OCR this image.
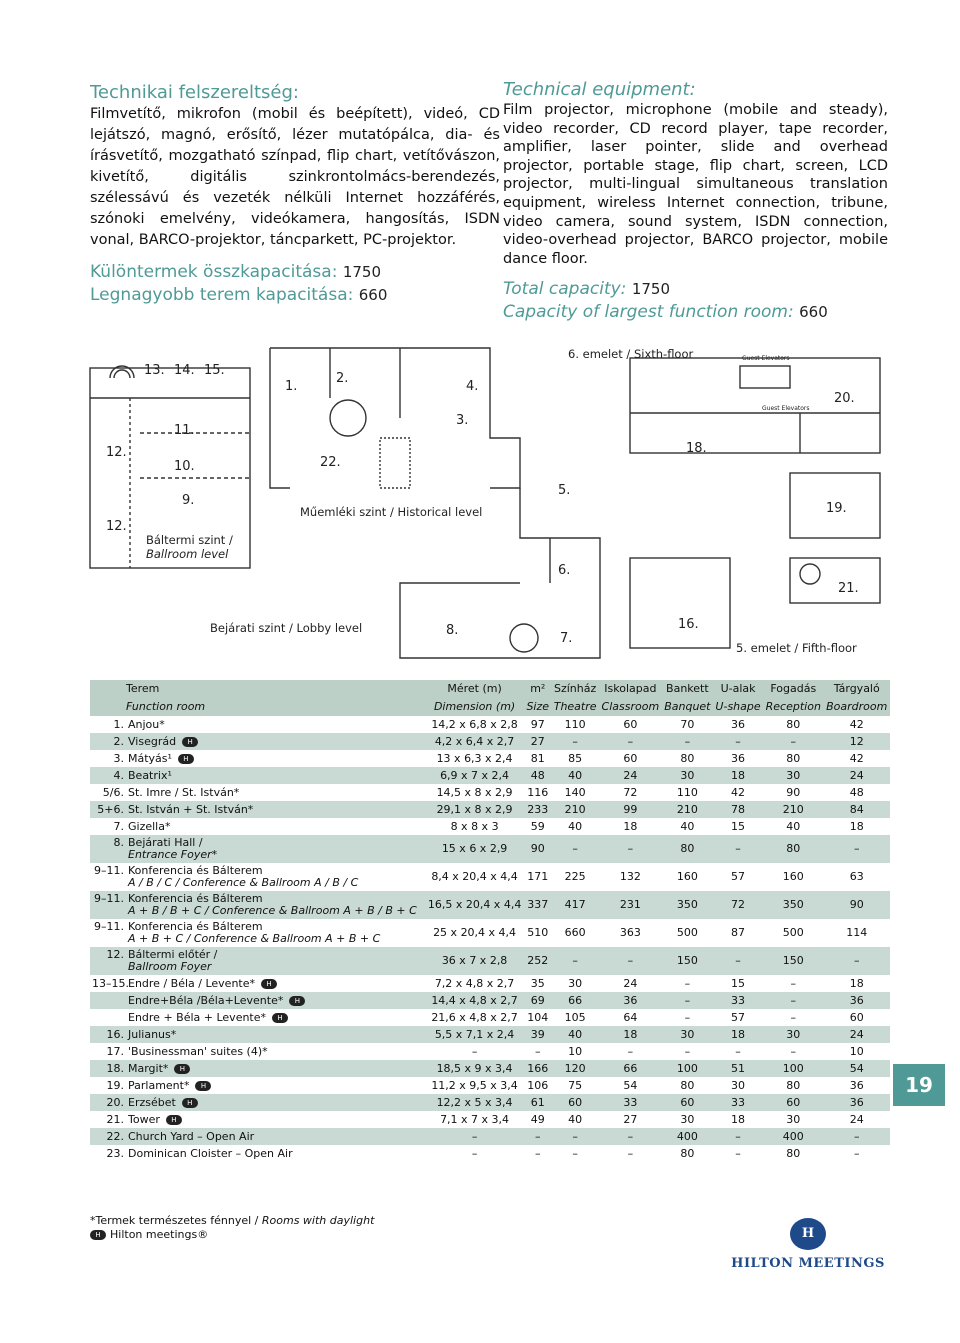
Technikai felszereltség:
Filmvetítő, mikrofon (mobil és beépített), videó, CD lejátszó, magnó, erősítő, lézer mutatópálca, dia- és írásvetítő, mozgatható színpad, flip chart, vetítővászon, kivetítő, digitális szinkrontolmács-berendezés, szélessávú és vezeték nélküli Internet hozzáférés, szónoki emelvény, videókamera, hangosítás, ISDN vonal, BARCO-projektor, táncparkett, PC-projektor.
Különtermek összkapacitása: 1750
Legnagyobb terem kapacitása: 660
Technical equipment:
Film projector, microphone (mobile and steady), video recorder, CD record player, tape recorder, amplifier, laser pointer, slide and overhead projector, portable stage, flip chart, screen, LCD projector, multi-lingual simultaneous translation equipment, wireless Internet connection, tribune, video camera, sound system, ISDN connection, video-overhead projector, BARCO projector, mobile dance floor.
Total capacity: 1750
Capacity of largest function room: 660
13. 14. 15.
11.
10.
9.
12.
12.
Báltermi szint /
Ballroom level
1.
2.
4.
3.
22.
Műemléki szint / Historical level
5.
6.
7.
8.
Bejárati szint / Lobby level
6. emelet / Sixth-floor	Guest Elevators
Guest Elevators
18.
20.
19.
21.
16.
5. emelet / Fifth-floor
Terem	Méret (m)	m²	Színház	Iskolapad	Bankett	U-alak	Fogadás	Tárgyaló
Function room	Dimension (m)	Size	Theatre	Classroom	Banquet	U-shape	Reception	Boardroom
1. Anjou*	14,2 x 6,8 x 2,8	97	110	60	70	36	80	42
2. Visegrád H	4,2 x 6,4 x 2,7	27	–	–	–	–	–	12
3. Mátyás¹ H	13 x 6,3 x 2,4	81	85	60	80	36	80	42
4. Beatrix¹	6,9 x 7 x 2,4	48	40	24	30	18	30	24
5/6. St. Imre / St. István*	14,5 x 8 x 2,9	116	140	72	110	42	90	48
5+6. St. István + St. István*	29,1 x 8 x 2,9	233	210	99	210	78	210	84
7. Gizella*	8 x 8 x 3	59	40	18	40	15	40	18
8. Bejárati Hall /
Entrance Foyer*	15 x 6 x 2,9	90	–	–	80	–	80	–
9–11. Konferencia és Bálterem
A / B / C / Conference & Ballroom A / B / C	8,4 x 20,4 x 4,4	171	225	132	160	57	160	63
9–11. Konferencia és Bálterem
A + B / B + C / Conference & Ballroom A + B / B + C	16,5 x 20,4 x 4,4	337	417	231	350	72	350	90
9–11. Konferencia és Bálterem
A + B + C / Conference & Ballroom A + B + C	25 x 20,4 x 4,4	510	660	363	500	87	500	114
12. Báltermi előtér /
Ballroom Foyer	36 x 7 x 2,8	252	–	–	150	–	150	–
13–15.Endre / Béla / Levente* H	7,2 x 4,8 x 2,7	35	30	24	–	15	–	18
Endre+Béla /Béla+Levente* H	14,4 x 4,8 x 2,7	69	66	36	–	33	–	36
Endre + Béla + Levente* H	21,6 x 4,8 x 2,7	104	105	64	–	57	–	60
16. Julianus*	5,5 x 7,1 x 2,4	39	40	18	30	18	30	24
17. 'Businessman' suites (4)*	–	–	10	–	–	–	–	10
18. Margit* H	18,5 x 9 x 3,4	166	120	66	100	51	100	54
19. Parlament* H	11,2 x 9,5 x 3,4	106	75	54	80	30	80	36
20. Erzsébet H	12,2 x 5 x 3,4	61	60	33	60	33	60	36
21. Tower H	7,1 x 7 x 3,4	49	40	27	30	18	30	24
22. Church Yard – Open Air	–	–	–	–	400	–	400	–
23. Dominican Cloister – Open Air	–	–	–	–	80	–	80	–
*Termek természetes fénnyel / Rooms with daylight
H Hilton meetings®
19
H
HILTON MEETINGS
